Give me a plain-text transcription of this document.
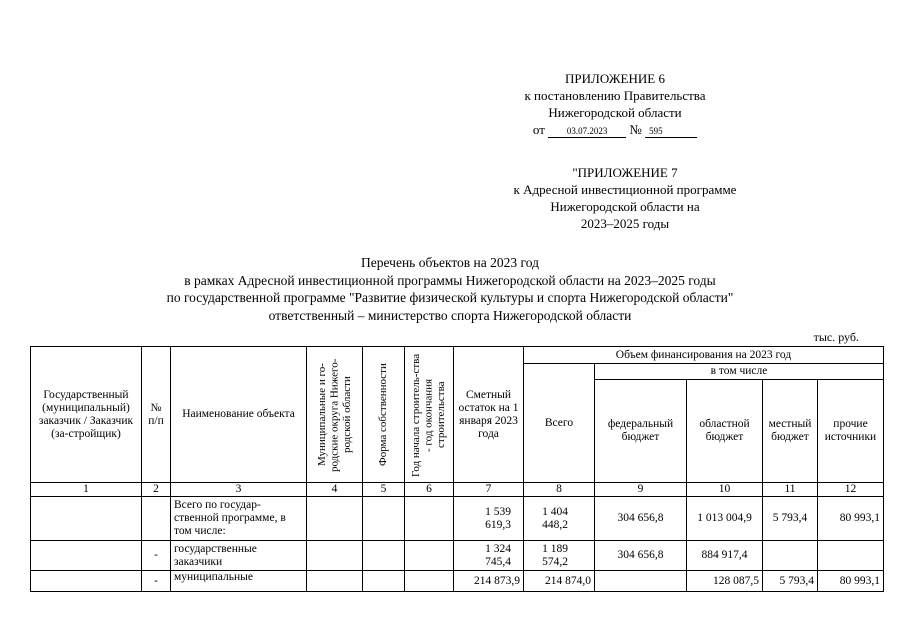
ПРИЛОЖЕНИЕ 6
к постановлению Правительства
Нижегородской области
от 03.07.2023 № 595
"ПРИЛОЖЕНИЕ 7
к Адресной инвестиционной программе
Нижегородской области на
2023–2025 годы
Перечень объектов на 2023 год
в рамках Адресной инвестиционной программы Нижегородской области на 2023–2025 годы
по государственной программе "Развитие физической культуры и спорта Нижегородской области"
ответственный – министерство спорта Нижегородской области
тыс. руб.
Государственный (муниципальный) заказчик / Заказчик (за-стройщик)	№ п/п	Наименование объекта	Муниципальные и го-родские округа Нижего-родской области	Форма собственности	Год начала строитель-ства - год окончания строительства	Сметный остаток на 1 января 2023 года	Объем финансирования на 2023 год				
							Всего	в том числе			
								федеральный бюджет	областной бюджет	местный бюджет	прочие источники
1	2	3	4	5	6	7	8	9	10	11	12
		Всего по государ-ственной программе, в том числе:				1 539 619,3	1 404 448,2	304 656,8	1 013 004,9	5 793,4	80 993,1
	-	государственные заказчики				1 324 745,4	1 189 574,2	304 656,8	884 917,4		
	-	муниципальные				214 873,9	214 874,0		128 087,5	5 793,4	80 993,1
